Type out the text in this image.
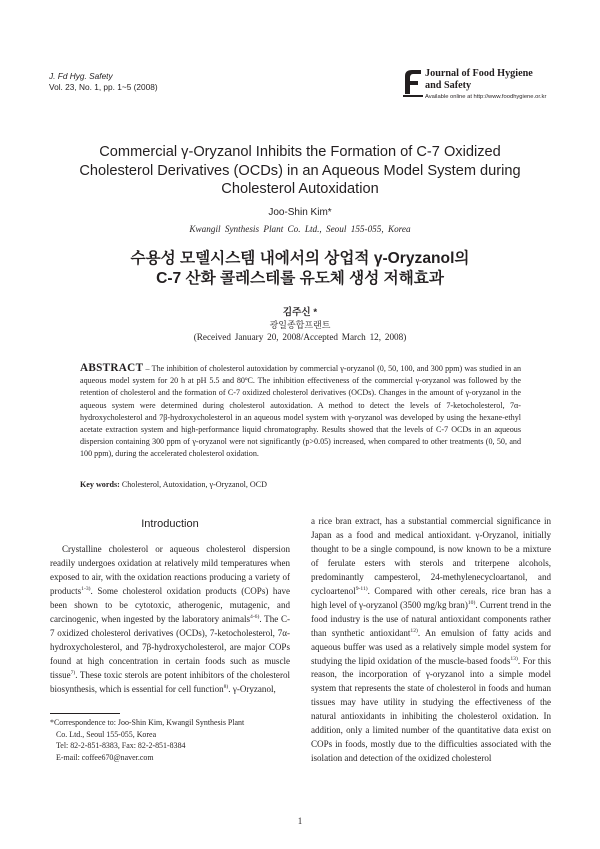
J. Fd Hyg. Safety
Vol. 23, No. 1, pp. 1~5 (2008)
Journal of Food Hygiene
and Safety
Available online at http://www.foodhygiene.or.kr
Commercial γ-Oryzanol Inhibits the Formation of C-7 Oxidized
Cholesterol Derivatives (OCDs) in an Aqueous Model System during
Cholesterol Autoxidation
Joo-Shin Kim*
Kwangil Synthesis Plant Co. Ltd., Seoul 155-055, Korea
수용성 모델시스템 내에서의 상업적 γ-Oryzanol의
C-7 산화 콜레스테롤 유도체 생성 저해효과
김주신 *
광일종합프랜트
(Received January 20, 2008/Accepted March 12, 2008)
ABSTRACT – The inhibition of cholesterol autoxidation by commercial γ-oryzanol (0, 50, 100, and 300 ppm) was studied in an aqueous model system for 20 h at pH 5.5 and 80ºC. The inhibition effectiveness of the commercial γ-oryzanol was followed by the retention of cholesterol and the formation of C-7 oxidized cholesterol derivatives (OCDs). Changes in the amount of γ-oryzanol in the aqueous system were determined during cholesterol autoxidation. A method to detect the levels of 7-ketocholesterol, 7α-hydroxycholesterol and 7β-hydroxycholesterol in an aqueous model system with γ-oryzanol was developed by using the hexane-ethyl acetate extraction system and high-performance liquid chromatography. Results showed that the levels of C-7 OCDs in an aqueous dispersion containing 300 ppm of γ-oryzanol were not significantly (p>0.05) increased, when compared to other treatments (0, 50, and 100 ppm), during the accelerated cholesterol oxidation.
Key words: Cholesterol, Autoxidation, γ-Oryzanol, OCD
Introduction

Crystalline cholesterol or aqueous cholesterol dispersion readily undergoes oxidation at relatively mild temperatures when exposed to air, with the oxidation reactions producing a variety of products$^{1-3)}$. Some cholesterol oxidation products (COPs) have been shown to be cytotoxic, atherogenic, mutagenic, and carcinogenic, when ingested by the laboratory animals$^{4-6)}$. The C-7 oxidized cholesterol derivatives (OCDs), 7-ketocholesterol, 7α-hydroxycholesterol, and 7β-hydroxycholesterol, are major COPs found at high concentration in certain foods such as muscle tissue$^{7)}$. These toxic sterols are potent inhibitors of the cholesterol biosynthesis, which is essential for cell function$^{8)}$. γ-Oryzanol,

a rice bran extract, has a substantial commercial significance in Japan as a food and medical antioxidant. γ-Oryzanol, initially thought to be a single compound, is now known to be a mixture of ferulate esters with sterols and triterpene alcohols, predominantly campesterol, 24-methylenecycloartanol, and cycloartenol$^{9-11)}$. Compared with other cereals, rice bran has a high level of γ-oryzanol (3500 mg/kg bran)$^{10)}$. Current trend in the food industry is the use of natural antioxidant components rather than synthetic antioxidant$^{12)}$. An emulsion of fatty acids and aqueous buffer was used as a relatively simple model system for studying the lipid oxidation of the muscle-based foods$^{13)}$. For this reason, the incorporation of γ-oryzanol into a simple model system that represents the state of cholesterol in foods and human tissues may have utility in studying the effectiveness of the natural antioxidants in inhibiting the cholesterol oxidation. In addition, only a limited number of the quantitative data exist on COPs in foods, mostly due to the difficulties associated with the isolation and detection of the oxidized cholesterol

*Correspondence to: Joo-Shin Kim, Kwangil Synthesis Plant
Co. Ltd., Seoul 155-055, Korea
Tel: 82-2-851-8383, Fax: 82-2-851-8384
E-mail: coffee670@naver.com
1
